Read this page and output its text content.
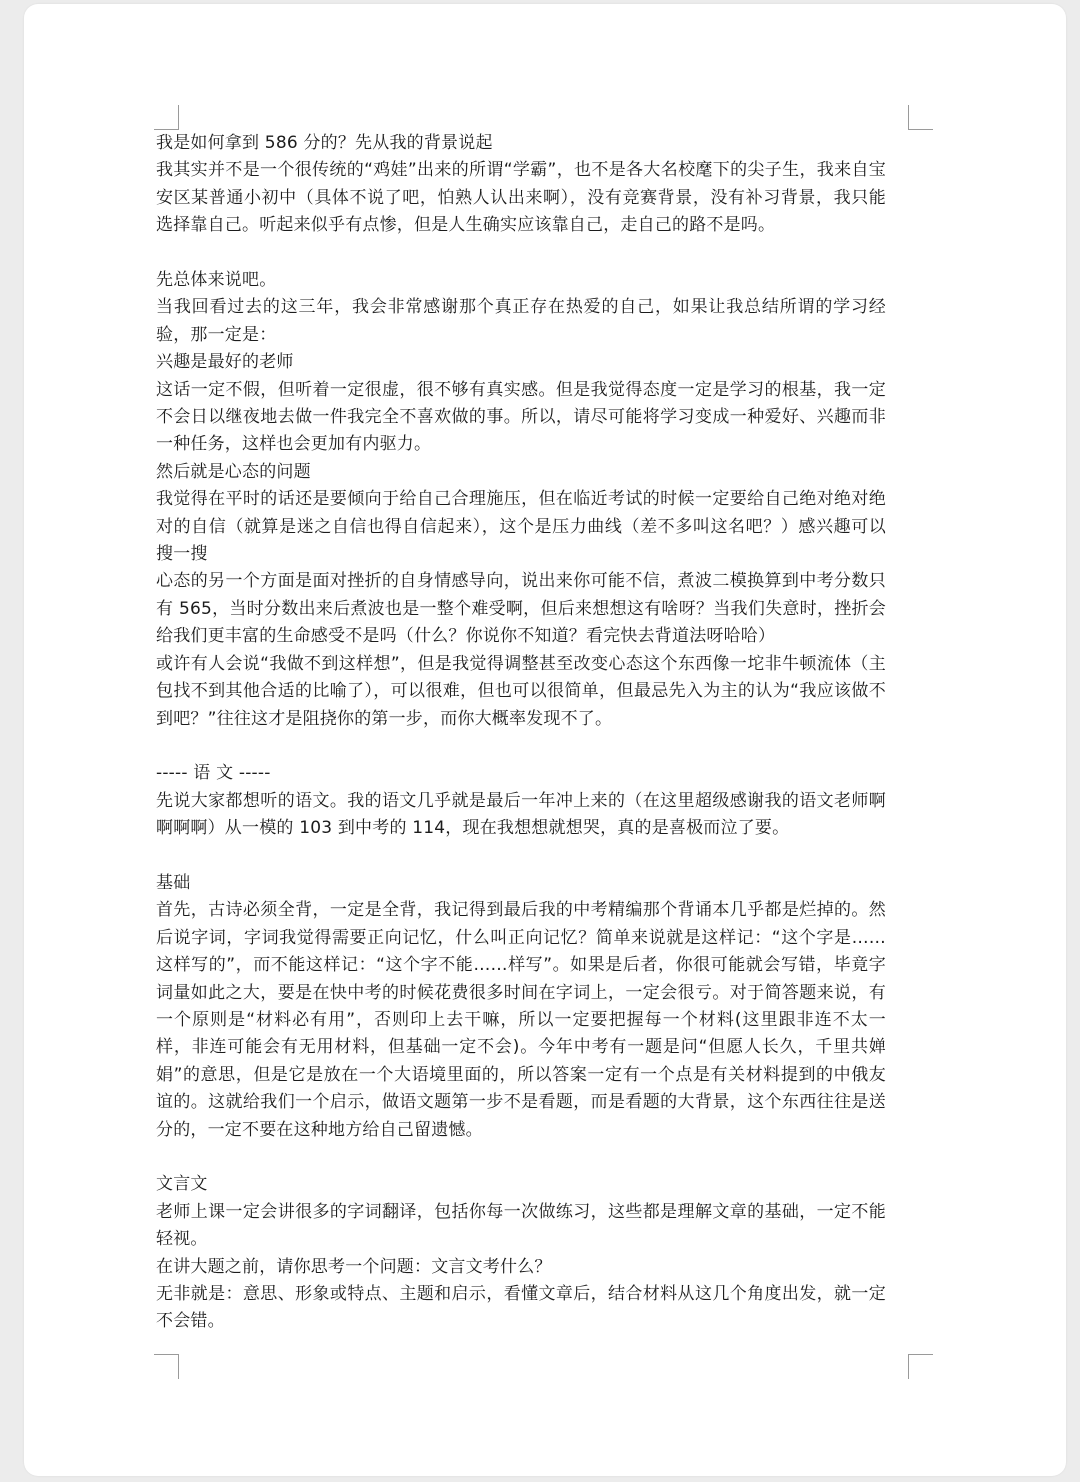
我是如何拿到 586 分的？先从我的背景说起

我其实并不是一个很传统的“鸡娃”出来的所谓“学霸”，也不是各大名校麾下的尖子生，我来自宝安区某普通小初中（具体不说了吧，怕熟人认出来啊），没有竞赛背景，没有补习背景，我只能选择靠自己。听起来似乎有点惨，但是人生确实应该靠自己，走自己的路不是吗。

先总体来说吧。

当我回看过去的这三年，我会非常感谢那个真正存在热爱的自己，如果让我总结所谓的学习经验，那一定是：

兴趣是最好的老师

这话一定不假，但听着一定很虚，很不够有真实感。但是我觉得态度一定是学习的根基，我一定不会日以继夜地去做一件我完全不喜欢做的事。所以，请尽可能将学习变成一种爱好、兴趣而非一种任务，这样也会更加有内驱力。

然后就是心态的问题

我觉得在平时的话还是要倾向于给自己合理施压，但在临近考试的时候一定要给自己绝对绝对绝对的自信（就算是迷之自信也得自信起来），这个是压力曲线（差不多叫这名吧？）感兴趣可以搜一搜

心态的另一个方面是面对挫折的自身情感导向，说出来你可能不信，煮波二模换算到中考分数只有 565，当时分数出来后煮波也是一整个难受啊，但后来想想这有啥呀？当我们失意时，挫折会给我们更丰富的生命感受不是吗（什么？你说你不知道？看完快去背道法呀哈哈）

或许有人会说“我做不到这样想”，但是我觉得调整甚至改变心态这个东西像一坨非牛顿流体（主包找不到其他合适的比喻了），可以很难，但也可以很简单，但最忌先入为主的认为“我应该做不到吧？”往往这才是阻挠你的第一步，而你大概率发现不了。

----- 语 文 -----

先说大家都想听的语文。我的语文几乎就是最后一年冲上来的（在这里超级感谢我的语文老师啊啊啊啊）从一模的 103 到中考的 114，现在我想想就想哭，真的是喜极而泣了要。

基础

首先，古诗必须全背，一定是全背，我记得到最后我的中考精编那个背诵本几乎都是烂掉的。然后说字词，字词我觉得需要正向记忆，什么叫正向记忆？简单来说就是这样记：“这个字是……这样写的”，而不能这样记：“这个字不能……样写”。如果是后者，你很可能就会写错，毕竟字词量如此之大，要是在快中考的时候花费很多时间在字词上，一定会很亏。对于简答题来说，有一个原则是“材料必有用”，否则印上去干嘛，所以一定要把握每一个材料(这里跟非连不太一样，非连可能会有无用材料，但基础一定不会)。今年中考有一题是问“但愿人长久，千里共婵娟”的意思，但是它是放在一个大语境里面的，所以答案一定有一个点是有关材料提到的中俄友谊的。这就给我们一个启示，做语文题第一步不是看题，而是看题的大背景，这个东西往往是送分的，一定不要在这种地方给自己留遗憾。

文言文

老师上课一定会讲很多的字词翻译，包括你每一次做练习，这些都是理解文章的基础，一定不能轻视。

在讲大题之前，请你思考一个问题：文言文考什么？

无非就是：意思、形象或特点、主题和启示，看懂文章后，结合材料从这几个角度出发，就一定不会错。
